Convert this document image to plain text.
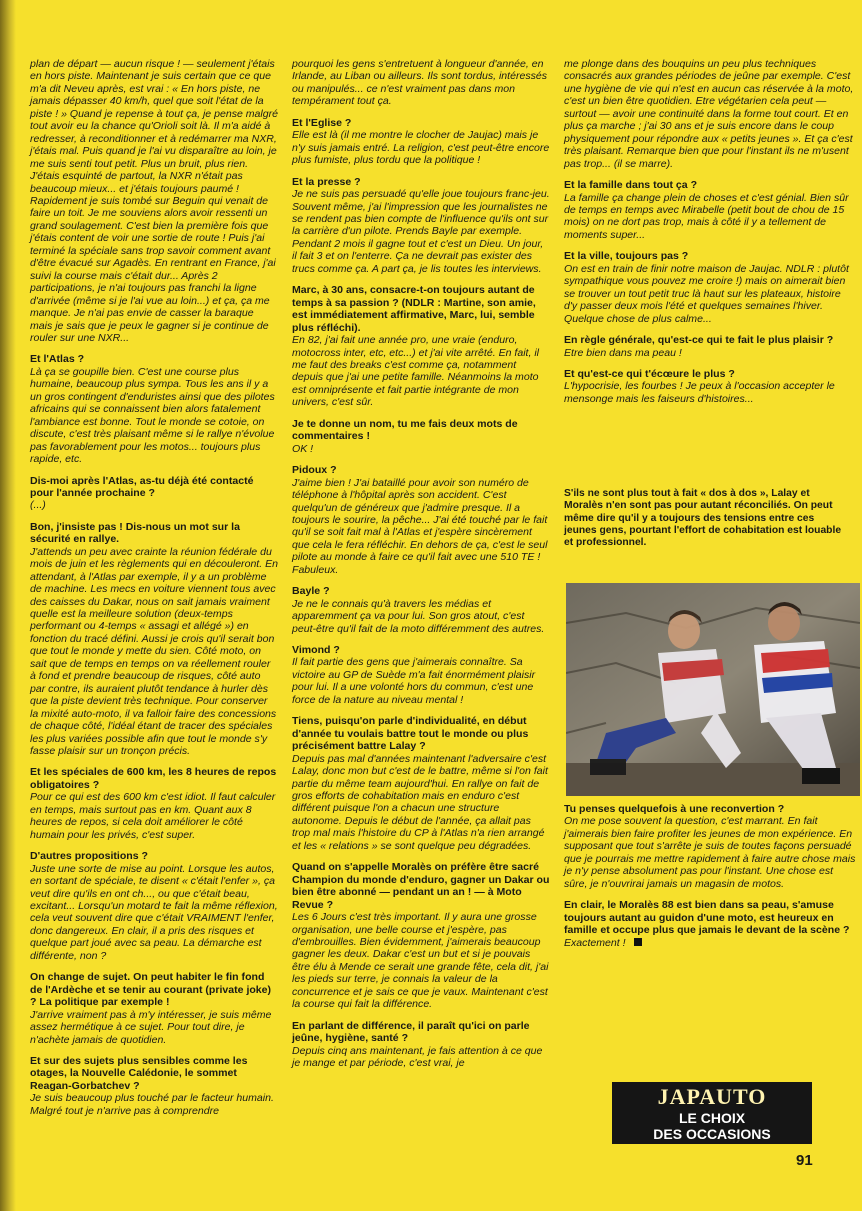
plan de départ — aucun risque ! — seulement j'étais en hors piste. Maintenant je suis certain que ce que m'a dit Neveu après, est vrai : « En hors piste, ne jamais dépasser 40 km/h, quel que soit l'état de la piste ! » Quand je repense à tout ça, je pense malgré tout avoir eu la chance qu'Orioli soit là. Il m'a aidé à redresser, à reconditionner et à redémarrer ma NXR, j'étais mal. Puis quand je l'ai vu disparaître au loin, je me suis senti tout petit. Plus un bruit, plus rien. J'étais esquinté de partout, la NXR n'était pas beaucoup mieux... et j'étais toujours paumé ! Rapidement je suis tombé sur Beguin qui venait de faire un toit. Je me souviens alors avoir ressenti un grand soulagement. C'est bien la première fois que j'étais content de voir une sortie de route ! Puis j'ai terminé la spéciale sans trop savoir comment avant d'être évacué sur Agadès. En rentrant en France, j'ai suivi la course mais c'était dur... Après 2 participations, je n'ai toujours pas franchi la ligne d'arrivée (même si je l'ai vue au loin...) et ça, ça me manque. Je n'ai pas envie de casser la baraque mais je sais que je peux le gagner si je continue de rouler sur une NXR...

Et l'Atlas ?
Là ça se goupille bien. C'est une course plus humaine, beaucoup plus sympa. Tous les ans il y a un gros contingent d'enduristes ainsi que des pilotes africains qui se connaissent bien alors fatalement l'ambiance est bonne. Tout le monde se cotoie, on discute, c'est très plaisant même si le rallye n'évolue pas favorablement pour les motos... toujours plus rapide, etc.

Dis-moi après l'Atlas, as-tu déjà été contacté pour l'année prochaine ?
(...)

Bon, j'insiste pas ! Dis-nous un mot sur la sécurité en rallye.
J'attends un peu avec crainte la réunion fédérale du mois de juin et les règlements qui en découleront. En attendant, à l'Atlas par exemple, il y a un problème de machine. Les mecs en voiture viennent tous avec des caisses du Dakar, nous on sait jamais vraiment quelle est la meilleure solution (deux-temps performant ou 4-temps « assagi et allégé ») en fonction du tracé défini. Aussi je crois qu'il serait bon que tout le monde y mette du sien. Côté moto, on sait que de temps en temps on va réellement rouler à fond et prendre beaucoup de risques, côté auto par contre, ils auraient plutôt tendance à hurler dès que la piste devient très technique. Pour conserver la mixité auto-moto, il va falloir faire des concessions de chaque côté, l'idéal étant de tracer des spéciales les plus variées possible afin que tout le monde s'y fasse plaisir sur un tronçon précis.

Et les spéciales de 600 km, les 8 heures de repos obligatoires ?
Pour ce qui est des 600 km c'est idiot. Il faut calculer en temps, mais surtout pas en km. Quant aux 8 heures de repos, si cela doit améliorer le côté humain pour les privés, c'est super.

D'autres propositions ?
Juste une sorte de mise au point. Lorsque les autos, en sortant de spéciale, te disent « c'était l'enfer », ça veut dire qu'ils en ont ch..., ou que c'était beau, excitant... Lorsqu'un motard te fait la même réflexion, cela veut souvent dire que c'était VRAIMENT l'enfer, donc dangereux. En clair, il a pris des risques et quelque part joué avec sa peau. La démarche est différente, non ?

On change de sujet. On peut habiter le fin fond de l'Ardèche et se tenir au courant (private joke) ? La politique par exemple !
J'arrive vraiment pas à m'y intéresser, je suis même assez hermétique à ce sujet. Pour tout dire, je n'achète jamais de quotidien.

Et sur des sujets plus sensibles comme les otages, la Nouvelle Calédonie, le sommet Reagan-Gorbatchev ?
Je suis beaucoup plus touché par le facteur humain. Malgré tout je n'arrive pas à comprendre

pourquoi les gens s'entretuent à longueur d'année, en Irlande, au Liban ou ailleurs. Ils sont tordus, intéressés ou manipulés... ce n'est vraiment pas dans mon tempérament tout ça.

Et l'Eglise ?
Elle est là (il me montre le clocher de Jaujac) mais je n'y suis jamais entré. La religion, c'est peut-être encore plus fumiste, plus tordu que la politique !

Et la presse ?
Je ne suis pas persuadé qu'elle joue toujours franc-jeu. Souvent même, j'ai l'impression que les journalistes ne se rendent pas bien compte de l'influence qu'ils ont sur la carrière d'un pilote. Prends Bayle par exemple. Pendant 2 mois il gagne tout et c'est un Dieu. Un jour, il fait 3 et on l'enterre. Ça ne devrait pas exister des trucs comme ça. A part ça, je lis toutes les interviews.

Marc, à 30 ans, consacre-t-on toujours autant de temps à sa passion ? (NDLR : Martine, son amie, est immédiatement affirmative, Marc, lui, semble plus réfléchi).
En 82, j'ai fait une année pro, une vraie (enduro, motocross inter, etc, etc...) et j'ai vite arrêté. En fait, il me faut des breaks c'est comme ça, notamment depuis que j'ai une petite famille. Néanmoins la moto est omniprésente et fait partie intégrante de mon univers, c'est sûr.

Je te donne un nom, tu me fais deux mots de commentaires !
OK !

Pidoux ?
J'aime bien ! J'ai bataillé pour avoir son numéro de téléphone à l'hôpital après son accident. C'est quelqu'un de généreux que j'admire presque. Il a toujours le sourire, la pêche... J'ai été touché par le fait qu'il se soit fait mal à l'Atlas et j'espère sincèrement que cela le fera réfléchir. En dehors de ça, c'est le seul pilote au monde à faire ce qu'il fait avec une 510 TE ! Fabuleux.

Bayle ?
Je ne le connais qu'à travers les médias et apparemment ça va pour lui. Son gros atout, c'est peut-être qu'il fait de la moto différemment des autres.

Vimond ?
Il fait partie des gens que j'aimerais connaître. Sa victoire au GP de Suède m'a fait énormément plaisir pour lui. Il a une volonté hors du commun, c'est une force de la nature au niveau mental !

Tiens, puisqu'on parle d'individualité, en début d'année tu voulais battre tout le monde ou plus précisément battre Lalay ?
Depuis pas mal d'années maintenant l'adversaire c'est Lalay, donc mon but c'est de le battre, même si l'on fait partie du même team aujourd'hui. En rallye on fait de gros efforts de cohabitation mais en enduro c'est différent puisque l'on a chacun une structure autonome. Depuis le début de l'année, ça allait pas trop mal mais l'histoire du CP à l'Atlas n'a rien arrangé et les « relations » se sont quelque peu dégradées.

Quand on s'appelle Moralès on préfère être sacré Champion du monde d'enduro, gagner un Dakar ou bien être abonné — pendant un an ! — à Moto Revue ?
Les 6 Jours c'est très important. Il y aura une grosse organisation, une belle course et j'espère, pas d'embrouilles. Bien évidemment, j'aimerais beaucoup gagner les deux. Dakar c'est un but et si je pouvais être élu à Mende ce serait une grande fête, cela dit, j'ai les pieds sur terre, je connais la valeur de la concurrence et je sais ce que je vaux. Maintenant c'est la course qui fait la différence.

En parlant de différence, il paraît qu'ici on parle jeûne, hygiène, santé ?
Depuis cinq ans maintenant, je fais attention à ce que je mange et par période, c'est vrai, je

me plonge dans des bouquins un peu plus techniques consacrés aux grandes périodes de jeûne par exemple. C'est une hygiène de vie qui n'est en aucun cas réservée à la moto, c'est un bien être quotidien. Etre végétarien cela peut — surtout — avoir une continuité dans la forme tout court. Et en plus ça marche ; j'ai 30 ans et je suis encore dans le coup physiquement pour répondre aux « petits jeunes ». Et ça c'est très plaisant. Remarque bien que pour l'instant ils ne m'usent pas trop... (il se marre).

Et la famille dans tout ça ?
La famille ça change plein de choses et c'est génial. Bien sûr de temps en temps avec Mirabelle (petit bout de chou de 15 mois) on ne dort pas trop, mais à côté il y a tellement de moments super...

Et la ville, toujours pas ?
On est en train de finir notre maison de Jaujac. NDLR : plutôt sympathique vous pouvez me croire !) mais on aimerait bien se trouver un tout petit truc là haut sur les plateaux, histoire d'y passer deux mois l'été et quelques semaines l'hiver. Quelque chose de plus calme...

En règle générale, qu'est-ce qui te fait le plus plaisir ?
Etre bien dans ma peau !

Et qu'est-ce qui t'écœure le plus ?
L'hypocrisie, les fourbes ! Je peux à l'occasion accepter le mensonge mais les faiseurs d'histoires...

S'ils ne sont plus tout à fait « dos à dos », Lalay et Moralès n'en sont pas pour autant réconciliés. On peut même dire qu'il y a toujours des tensions entre ces jeunes gens, pourtant l'effort de cohabitation est louable et professionnel.

Tu penses quelquefois à une reconvertion ?
On me pose souvent la question, c'est marrant. En fait j'aimerais bien faire profiter les jeunes de mon expérience. En supposant que tout s'arrête je suis de toutes façons persuadé que je pourrais me mettre rapidement à faire autre chose mais je n'y pense absolument pas pour l'instant. Une chose est sûre, je n'ouvrirai jamais un magasin de motos.

En clair, le Moralès 88 est bien dans sa peau, s'amuse toujours autant au guidon d'une moto, est heureux en famille et occupe plus que jamais le devant de la scène ?
Exactement !

JAPAUTO
LE CHOIX
DES OCCASIONS
91
